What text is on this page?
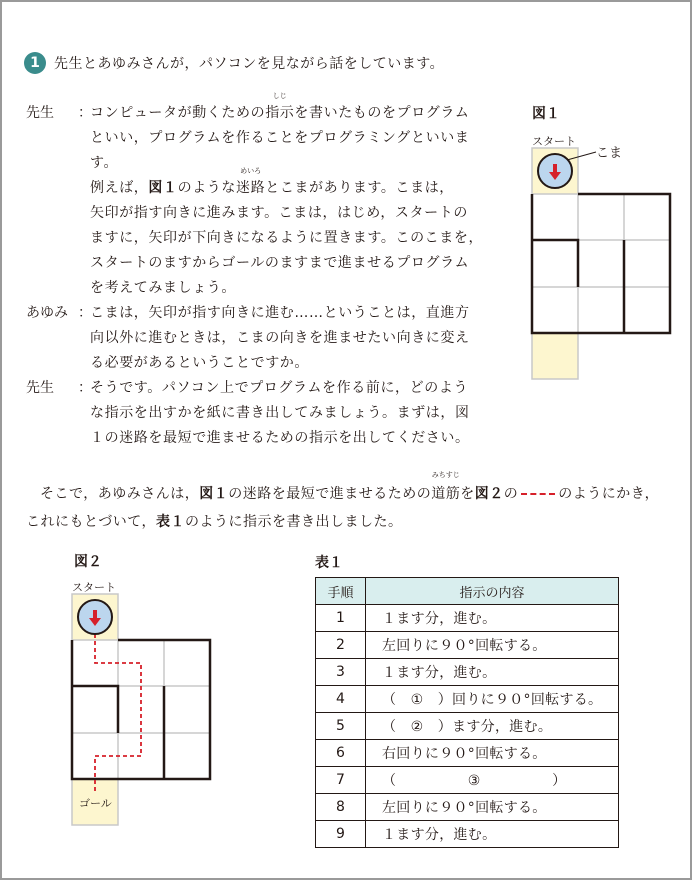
1	先生とあゆみさんが，パソコンを見ながら話をしています。
先生	：
コンピュータが動くための
しじ
指示を書いたものをプログラム
といい，プログラムを作ることをプログラミングといいま
す。
例えば，図１のような
めいろ
迷路とこまがあります。こまは，
矢印が指す向きに進みます。こまは，はじめ，スタートの
ますに，矢印が下向きになるように置きます。このこまを，
スタートのますからゴールのますまで進ませるプログラム
を考えてみましょう。
あゆみ ：
こまは，矢印が指す向きに進む……ということは，直進方
向以外に進むときは，こまの向きを進ませたい向きに変え
る必要があるということですか。
先生	：
そうです。パソコン上でプログラムを作る前に，どのよう
な指示を出すかを紙に書き出してみましょう。まずは，図
１の迷路を最短で進ませるための指示を出してください。
図１
スタート
こま
そこで，あゆみさんは，図１の迷路を最短で進ませるための
みちすじ
道筋を図２の	のようにかき，
これにもとづいて，表１のように指示を書き出しました。
図２
スタート
ゴール
表１
手順	指示の内容
1	１ます分，進む。
2	左回りに９０°回転する。
3	１ます分，進む。
4	（　①　）回りに９０°回転する。
5	（　②　）ます分，進む。
6	右回りに９０°回転する。
7	（　　　　　③　　　　　）
8	左回りに９０°回転する。
9	１ます分，進む。
